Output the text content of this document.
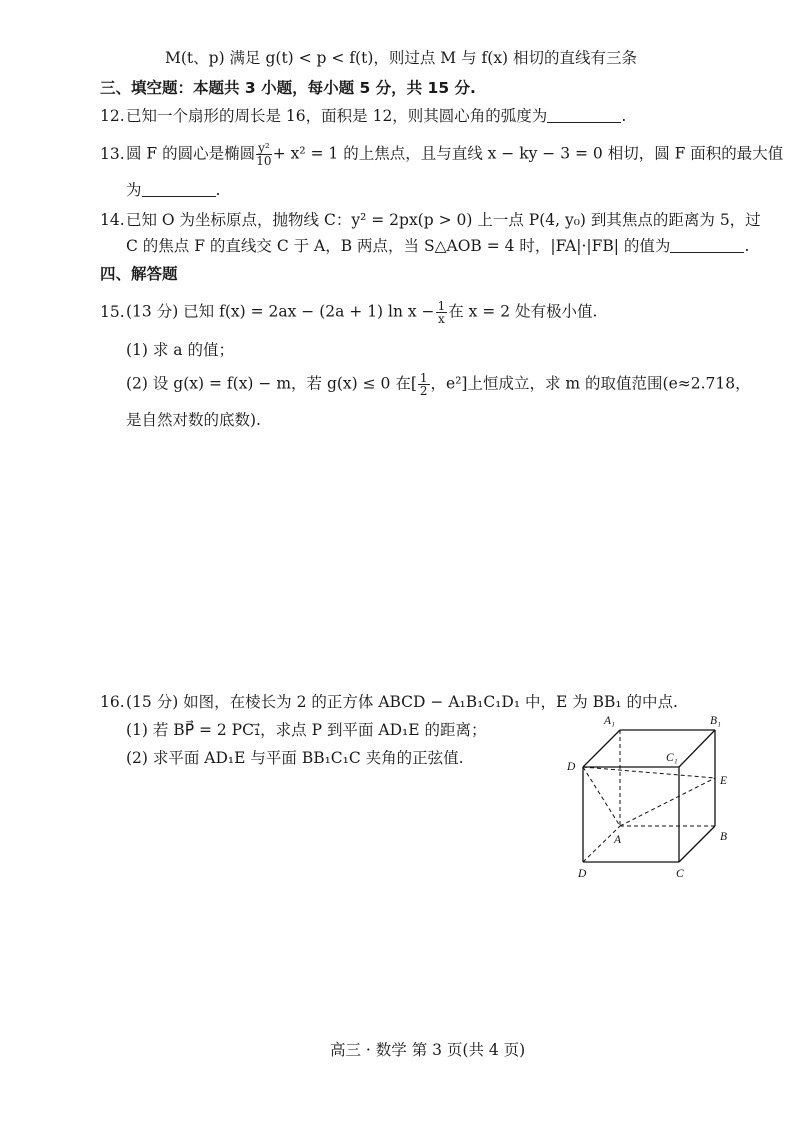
M(t、p) 满足 g(t) < p < f(t)，则过点 M 与 f(x) 相切的直线有三条
三、填空题：本题共 3 小题，每小题 5 分，共 15 分.
12.已知一个扇形的周长是 16，面积是 12，则其圆心角的弧度为	.
13.圆 F 的圆心是椭圆 $\frac{\text{y²}}{10} + x^2 = 1$ 的上焦点，且与直线 x − ky − 3 = 0 相切，圆 F 面积的最大值
为	.
14.已知 O 为坐标原点，抛物线 C：y² = 2px(p > 0) 上一点 P(4, y₀) 到其焦点的距离为 5，过
C 的焦点 F 的直线交 C 于 A，B 两点，当 S△AOB = 4 时，|FA|·|FB| 的值为	.
四、解答题
15.(13 分) 已知 f(x) = 2ax − (2a + 1) $\ln x - \frac{1}{x}$ 在 x = 2 处有极小值.
(1) 求 a 的值；
(2) 设 g(x) = f(x) − m，若 g(x) ≤ 0 在[ $\frac{1}{2}$ ，e²]上恒成立，求 m 的取值范围(e≈2.718，
是自然对数的底数).
16.(15 分) 如图，在棱长为 2 的正方体 ABCD − A₁B₁C₁D₁ 中，E 为 BB₁ 的中点.
(1) 若 BP⃗ = 2 PC₁⃗，求点 P 到平面 AD₁E 的距离；
(2) 求平面 AD₁E 与平面 BB₁C₁C 夹角的正弦值.
A₁	B₁
C₁
D
E
A	B
D	C
高三 · 数学 第 3 页(共 4 页)
